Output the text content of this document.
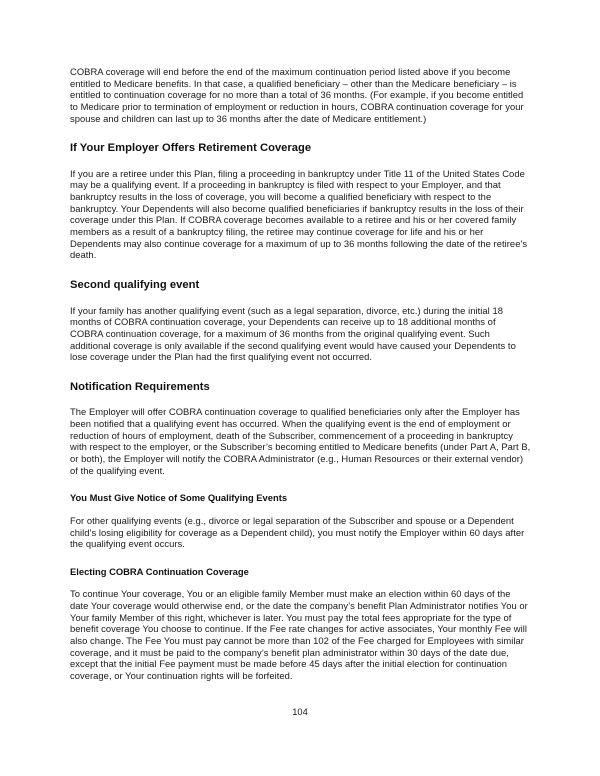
COBRA coverage will end before the end of the maximum continuation period listed above if you become entitled to Medicare benefits. In that case, a qualified beneficiary – other than the Medicare beneficiary – is entitled to continuation coverage for no more than a total of 36 months. (For example, if you become entitled to Medicare prior to termination of employment or reduction in hours, COBRA continuation coverage for your spouse and children can last up to 36 months after the date of Medicare entitlement.)

If Your Employer Offers Retirement Coverage

If you are a retiree under this Plan, filing a proceeding in bankruptcy under Title 11 of the United States Code may be a qualifying event. If a proceeding in bankruptcy is filed with respect to your Employer, and that bankruptcy results in the loss of coverage, you will become a qualified beneficiary with respect to the bankruptcy. Your Dependents will also become qualified beneficiaries if bankruptcy results in the loss of their coverage under this Plan. If COBRA coverage becomes available to a retiree and his or her covered family members as a result of a bankruptcy filing, the retiree may continue coverage for life and his or her Dependents may also continue coverage for a maximum of up to 36 months following the date of the retiree’s death.

Second qualifying event

If your family has another qualifying event (such as a legal separation, divorce, etc.) during the initial 18 months of COBRA continuation coverage, your Dependents can receive up to 18 additional months of COBRA continuation coverage, for a maximum of 36 months from the original qualifying event. Such additional coverage is only available if the second qualifying event would have caused your Dependents to lose coverage under the Plan had the first qualifying event not occurred.

Notification Requirements

The Employer will offer COBRA continuation coverage to qualified beneficiaries only after the Employer has been notified that a qualifying event has occurred. When the qualifying event is the end of employment or reduction of hours of employment, death of the Subscriber, commencement of a proceeding in bankruptcy with respect to the employer, or the Subscriber’s becoming entitled to Medicare benefits (under Part A, Part B, or both), the Employer will notify the COBRA Administrator (e.g., Human Resources or their external vendor) of the qualifying event.

You Must Give Notice of Some Qualifying Events

For other qualifying events (e.g., divorce or legal separation of the Subscriber and spouse or a Dependent child’s losing eligibility for coverage as a Dependent child), you must notify the Employer within 60 days after the qualifying event occurs.

Electing COBRA Continuation Coverage

To continue Your coverage, You or an eligible family Member must make an election within 60 days of the date Your coverage would otherwise end, or the date the company’s benefit Plan Administrator notifies You or Your family Member of this right, whichever is later. You must pay the total fees appropriate for the type of benefit coverage You choose to continue. If the Fee rate changes for active associates, Your monthly Fee will also change. The Fee You must pay cannot be more than 102 of the Fee charged for Employees with similar coverage, and it must be paid to the company’s benefit plan administrator within 30 days of the date due, except that the initial Fee payment must be made before 45 days after the initial election for continuation coverage, or Your continuation rights will be forfeited.

104
